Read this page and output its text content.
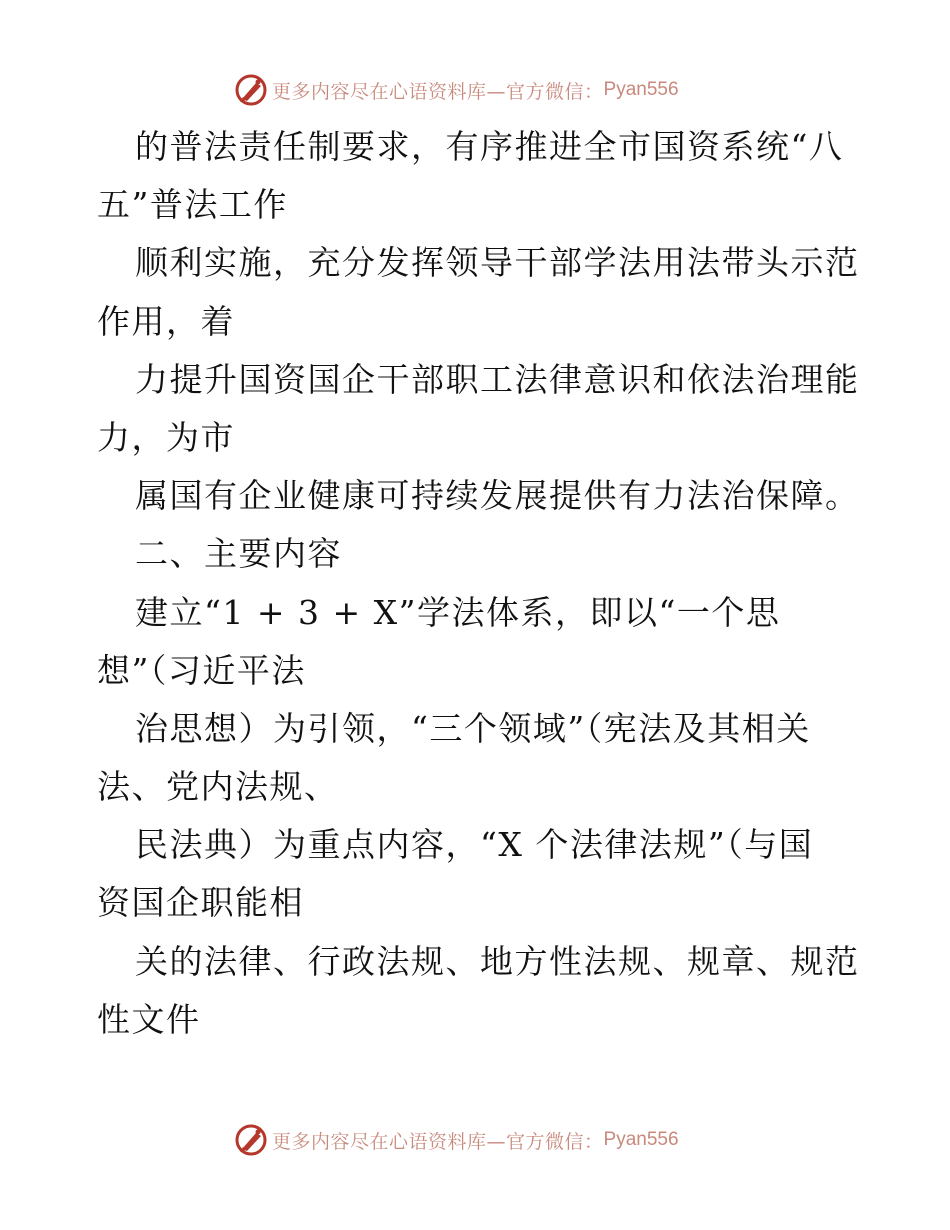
更多内容尽在心语资料库—官方微信： Pyan556
的普法责任制要求，有序推进全市国资系统“八
五”普法工作
顺利实施，充分发挥领导干部学法用法带头示范
作用，着
力提升国资国企干部职工法律意识和依法治理能
力，为市
属国有企业健康可持续发展提供有力法治保障。
二、主要内容
建立“1 + 3 + X”学法体系，即以“一个思
想”（习近平法
治思想）为引领，“三个领域”（宪法及其相关
法、党内法规、
民法典）为重点内容，“X 个法律法规”（与国
资国企职能相
关的法律、行政法规、地方性法规、规章、规范
性文件
更多内容尽在心语资料库—官方微信： Pyan556
